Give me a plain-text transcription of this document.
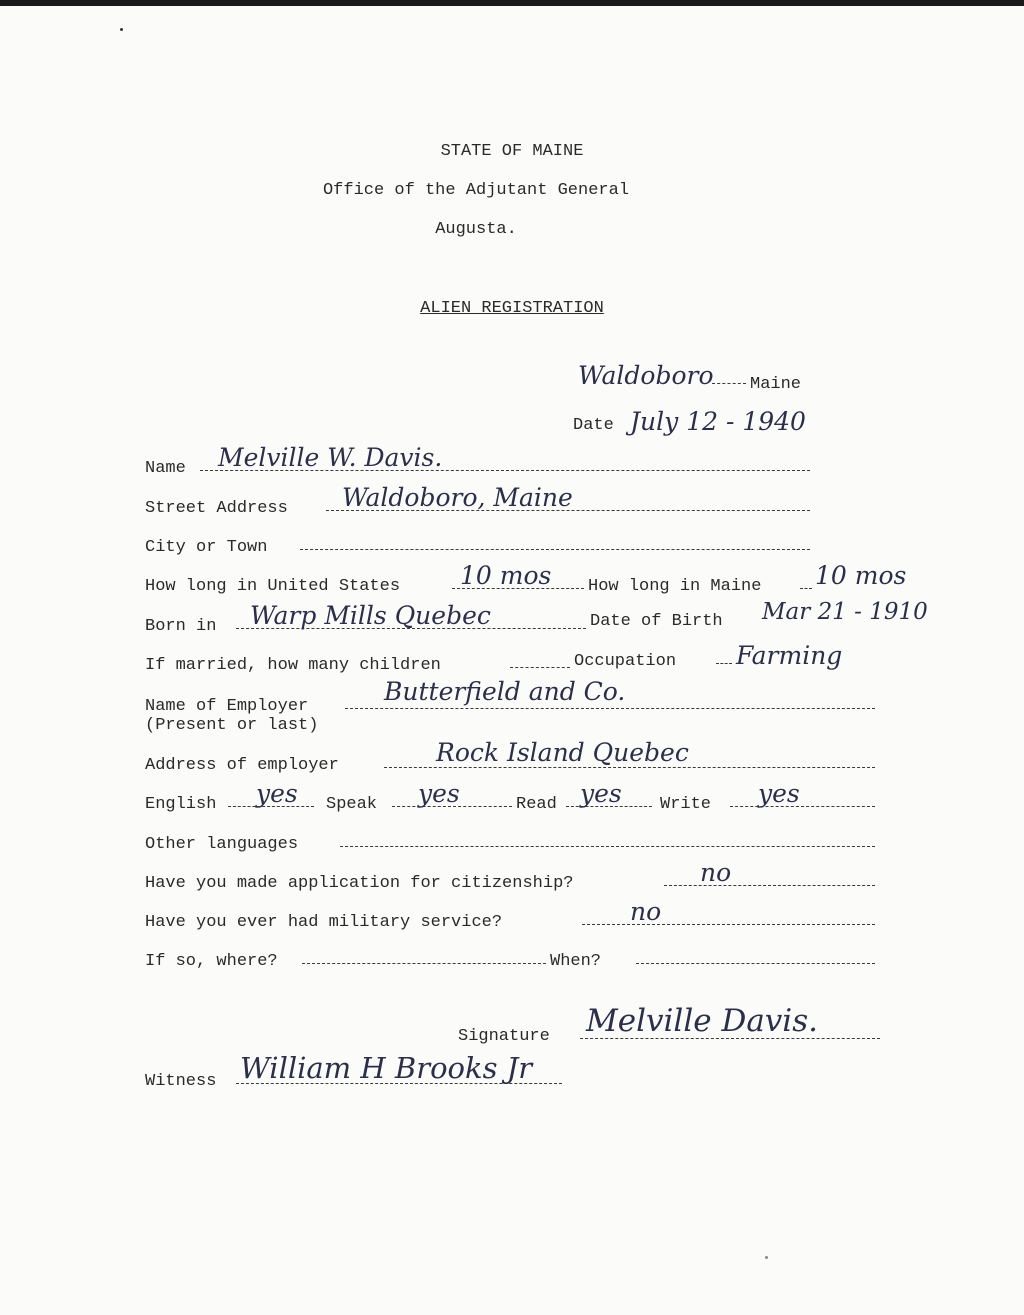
STATE OF MAINE
Office of the Adjutant General
Augusta.
ALIEN REGISTRATION
Waldoboro Maine
Date July 12 - 1940
Name Melville W. Davis.
Street Address Waldoboro, Maine
City or Town
How long in United States 10 mos How long in Maine 10 mos
Born in Warp Mills Quebec	Date of Birth Mar 21 - 1910
If married, how many children	Occupation Farming
Name of Employer
(Present or last)
Butterfield and Co.
Address of employer	Rock Island Quebec
English yes Speak yes	Read yes Write yes
Other languages
Have you made application for citizenship?	no
Have you ever had military service?	no
If so, where?	When?
Signature Melville Davis.
Witness William H Brooks Jr
